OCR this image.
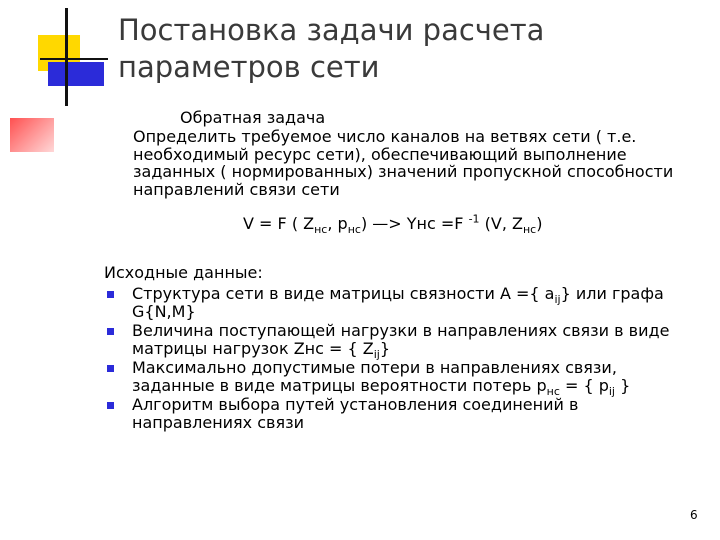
Постановка задачи расчета параметров сети
Обратная задача
Определить требуемое число каналов на ветвях сети ( т.е. необходимый ресурс сети), обеспечивающий выполнение заданных ( нормированных) значений пропускной способности направлений связи сети
V = F ( $Z_{нс}$, $p_{нс}$) —> Yнс =F $^{-1}$ (V, $Z_{нс}$)
Исходные данные:
Структура сети в виде матрицы связности A ={ $a_{ij}$} или графа G{N,M}
Величина поступающей нагрузки в направлениях связи в виде матрицы нагрузок Zнс = { $Z_{ij}$}
Максимально допустимые потери в направлениях связи, заданные в виде матрицы вероятности потерь $p_{нс}$ = { $p_{ij}$ }
Алгоритм выбора путей установления соединений в направлениях связи
6
